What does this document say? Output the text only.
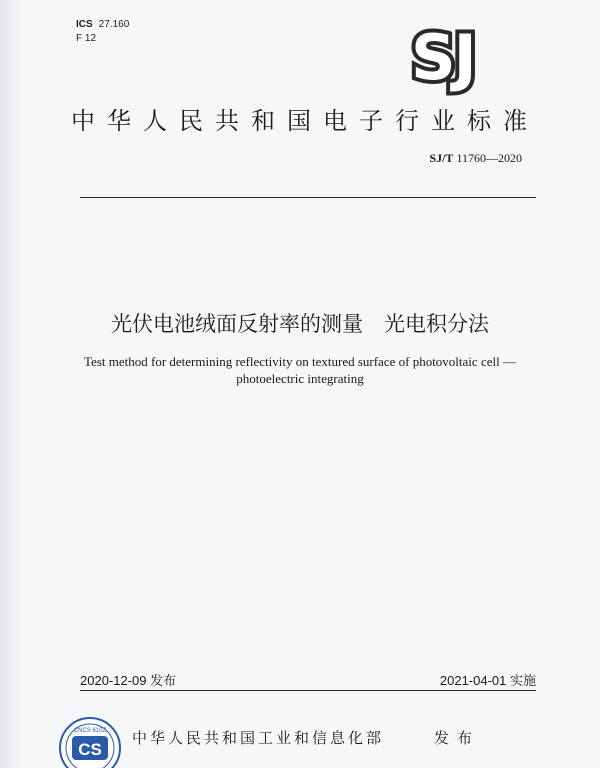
ICS 27.160
F 12	SJ
中华人民共和国电子行业标准
SJ/T 11760—2020
光伏电池绒面反射率的测量　光电积分法
Test method for determining reflectivity on textured surface of photovoltaic cell —
photoelectric integrating
2020-12-09 发布	2021-04-01 实施
CS
CNCS 610Z 中华人民共和国工业和信息化部	发布
